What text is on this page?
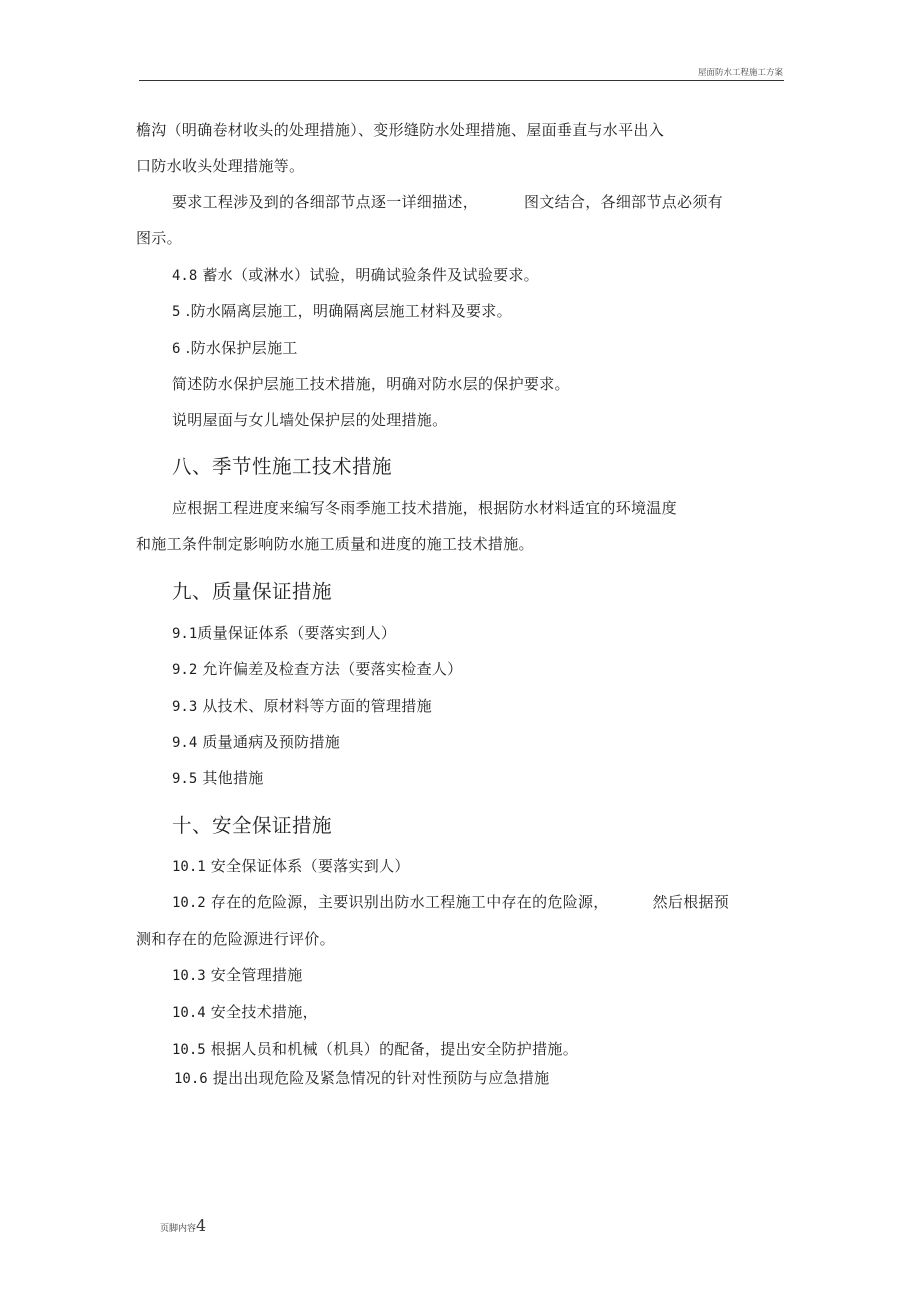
屋面防水工程施工方案
檐沟（明确卷材收头的处理措施）、变形缝防水处理措施、屋面垂直与水平出入
口防水收头处理措施等。
要求工程涉及到的各细部节点逐一详细描述，	图文结合，各细部节点必须有
图示。
4.8 蓄水（或淋水）试验，明确试验条件及试验要求。
5 .防水隔离层施工，明确隔离层施工材料及要求。
6 .防水保护层施工
简述防水保护层施工技术措施，明确对防水层的保护要求。
说明屋面与女儿墙处保护层的处理措施。
八、季节性施工技术措施
应根据工程进度来编写冬雨季施工技术措施，根据防水材料适宜的环境温度
和施工条件制定影响防水施工质量和进度的施工技术措施。
九、质量保证措施
9.1质量保证体系（要落实到人）
9.2 允许偏差及检查方法（要落实检查人）
9.3 从技术、原材料等方面的管理措施
9.4 质量通病及预防措施
9.5 其他措施
十、安全保证措施
10.1 安全保证体系（要落实到人）
10.2 存在的危险源，主要识别出防水工程施工中存在的危险源，	然后根据预
测和存在的危险源进行评价。
10.3 安全管理措施
10.4 安全技术措施，
10.5 根据人员和机械（机具）的配备，提出安全防护措施。
10.6 提出出现危险及紧急情况的针对性预防与应急措施
页脚内容4
